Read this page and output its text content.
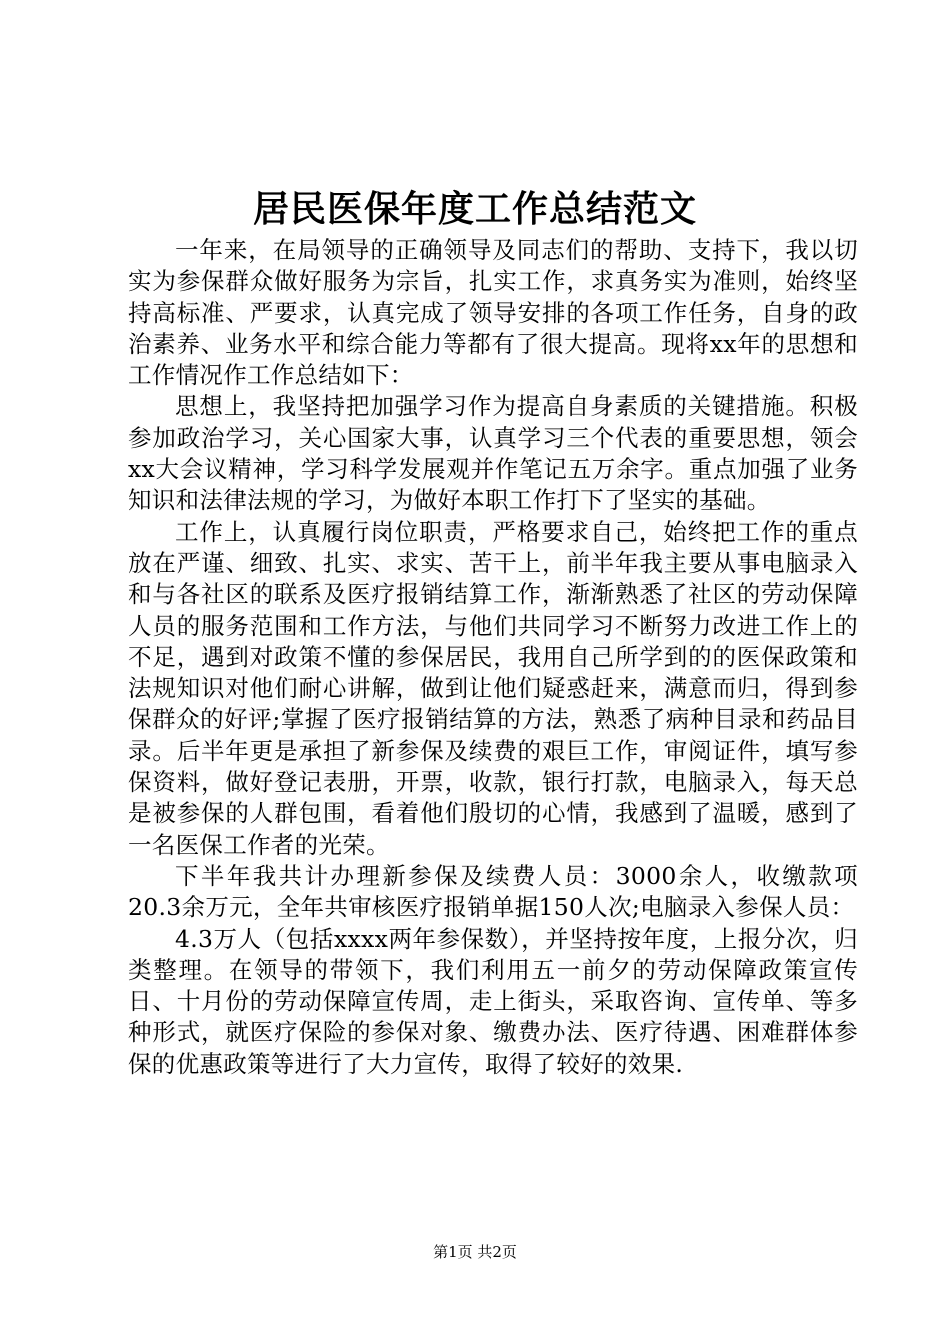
居民医保年度工作总结范文

一年来，在局领导的正确领导及同志们的帮助、支持下，我以切实为参保群众做好服务为宗旨，扎实工作，求真务实为准则，始终坚持高标准、严要求，认真完成了领导安排的各项工作任务，自身的政治素养、业务水平和综合能力等都有了很大提高。现将xx年的思想和工作情况作工作总结如下：

思想上，我坚持把加强学习作为提高自身素质的关键措施。积极参加政治学习，关心国家大事，认真学习三个代表的重要思想，领会xx大会议精神，学习科学发展观并作笔记五万余字。重点加强了业务知识和法律法规的学习，为做好本职工作打下了坚实的基础。

工作上，认真履行岗位职责，严格要求自己，始终把工作的重点放在严谨、细致、扎实、求实、苦干上，前半年我主要从事电脑录入和与各社区的联系及医疗报销结算工作，渐渐熟悉了社区的劳动保障人员的服务范围和工作方法，与他们共同学习不断努力改进工作上的不足，遇到对政策不懂的参保居民，我用自己所学到的的医保政策和法规知识对他们耐心讲解，做到让他们疑惑赶来，满意而归，得到参保群众的好评;掌握了医疗报销结算的方法，熟悉了病种目录和药品目录。后半年更是承担了新参保及续费的艰巨工作，审阅证件，填写参保资料，做好登记表册，开票，收款，银行打款，电脑录入，每天总是被参保的人群包围，看着他们殷切的心情，我感到了温暖，感到了一名医保工作者的光荣。

下半年我共计办理新参保及续费人员：3000余人，收缴款项20.3余万元，全年共审核医疗报销单据150人次;电脑录入参保人员：

4.3万人（包括xxxx两年参保数），并坚持按年度，上报分次，归类整理。在领导的带领下，我们利用五一前夕的劳动保障政策宣传日、十月份的劳动保障宣传周，走上街头，采取咨询、宣传单、等多种形式，就医疗保险的参保对象、缴费办法、医疗待遇、困难群体参保的优惠政策等进行了大力宣传，取得了较好的效果.

第1页 共2页
